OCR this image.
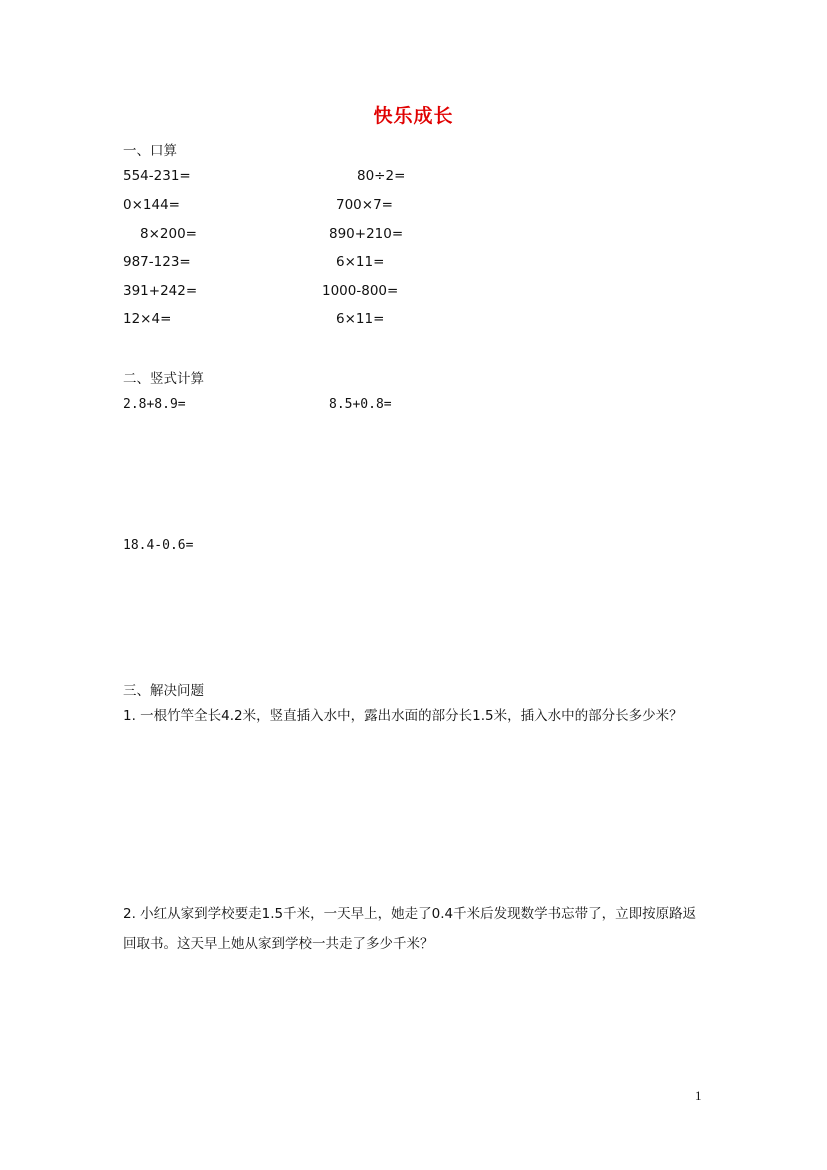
快乐成长
一、口算
554-231=
0×144=
8×200=
987-123=
391+242=
12×4=
80÷2=
700×7=
890+210=
6×11=
1000-800=
6×11=
二、竖式计算
2.8+8.9=	8.5+0.8=
18.4-0.6=
三、解决问题
1. 一根竹竿全长4.2米，竖直插入水中，露出水面的部分长1.5米，插入水中的部分长多少米？
2. 小红从家到学校要走1.5千米，一天早上，她走了0.4千米后发现数学书忘带了，立即按原路返回取书。这天早上她从家到学校一共走了多少千米？
1
